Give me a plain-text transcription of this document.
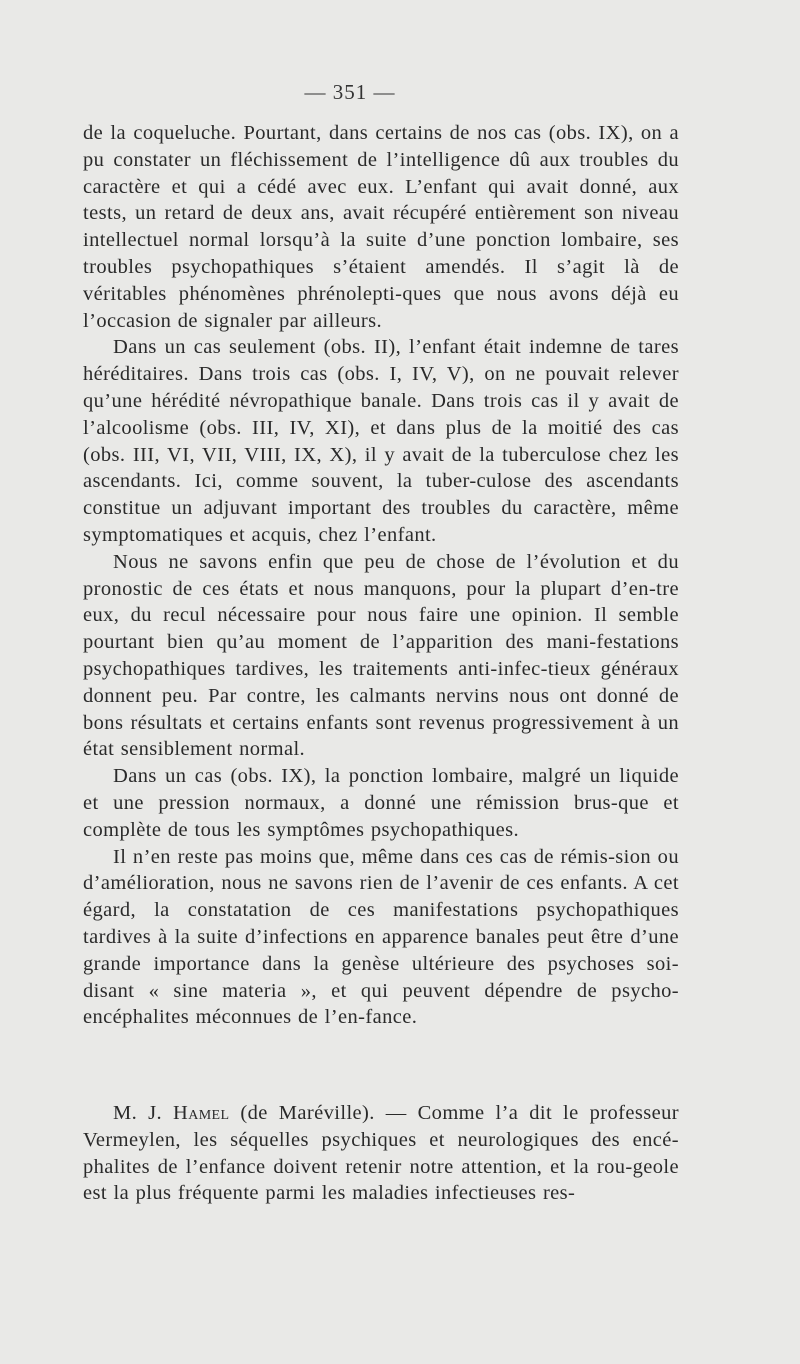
— 351 —

de la coqueluche. Pourtant, dans certains de nos cas (obs. IX), on a pu constater un fléchissement de l’intelligence dû aux troubles du caractère et qui a cédé avec eux. L’enfant qui avait donné, aux tests, un retard de deux ans, avait récupéré entièrement son niveau intellectuel normal lorsqu’à la suite d’une ponction lombaire, ses troubles psychopathiques s’étaient amendés. Il s’agit là de véritables phénomènes phrénolepti-ques que nous avons déjà eu l’occasion de signaler par ailleurs.

Dans un cas seulement (obs. II), l’enfant était indemne de tares héréditaires. Dans trois cas (obs. I, IV, V), on ne pouvait relever qu’une hérédité névropathique banale. Dans trois cas il y avait de l’alcoolisme (obs. III, IV, XI), et dans plus de la moitié des cas (obs. III, VI, VII, VIII, IX, X), il y avait de la tuberculose chez les ascendants. Ici, comme souvent, la tuber-culose des ascendants constitue un adjuvant important des troubles du caractère, même symptomatiques et acquis, chez l’enfant.

Nous ne savons enfin que peu de chose de l’évolution et du pronostic de ces états et nous manquons, pour la plupart d’en-tre eux, du recul nécessaire pour nous faire une opinion. Il semble pourtant bien qu’au moment de l’apparition des mani-festations psychopathiques tardives, les traitements anti-infec-tieux généraux donnent peu. Par contre, les calmants nervins nous ont donné de bons résultats et certains enfants sont revenus progressivement à un état sensiblement normal.

Dans un cas (obs. IX), la ponction lombaire, malgré un liquide et une pression normaux, a donné une rémission brus-que et complète de tous les symptômes psychopathiques.

Il n’en reste pas moins que, même dans ces cas de rémis-sion ou d’amélioration, nous ne savons rien de l’avenir de ces enfants. A cet égard, la constatation de ces manifestations psychopathiques tardives à la suite d’infections en apparence banales peut être d’une grande importance dans la genèse ultérieure des psychoses soi-disant « sine materia », et qui peuvent dépendre de psycho-encéphalites méconnues de l’en-fance.

M. J. Hamel (de Maréville). — Comme l’a dit le professeur Vermeylen, les séquelles psychiques et neurologiques des encé-phalites de l’enfance doivent retenir notre attention, et la rou-geole est la plus fréquente parmi les maladies infectieuses res-
